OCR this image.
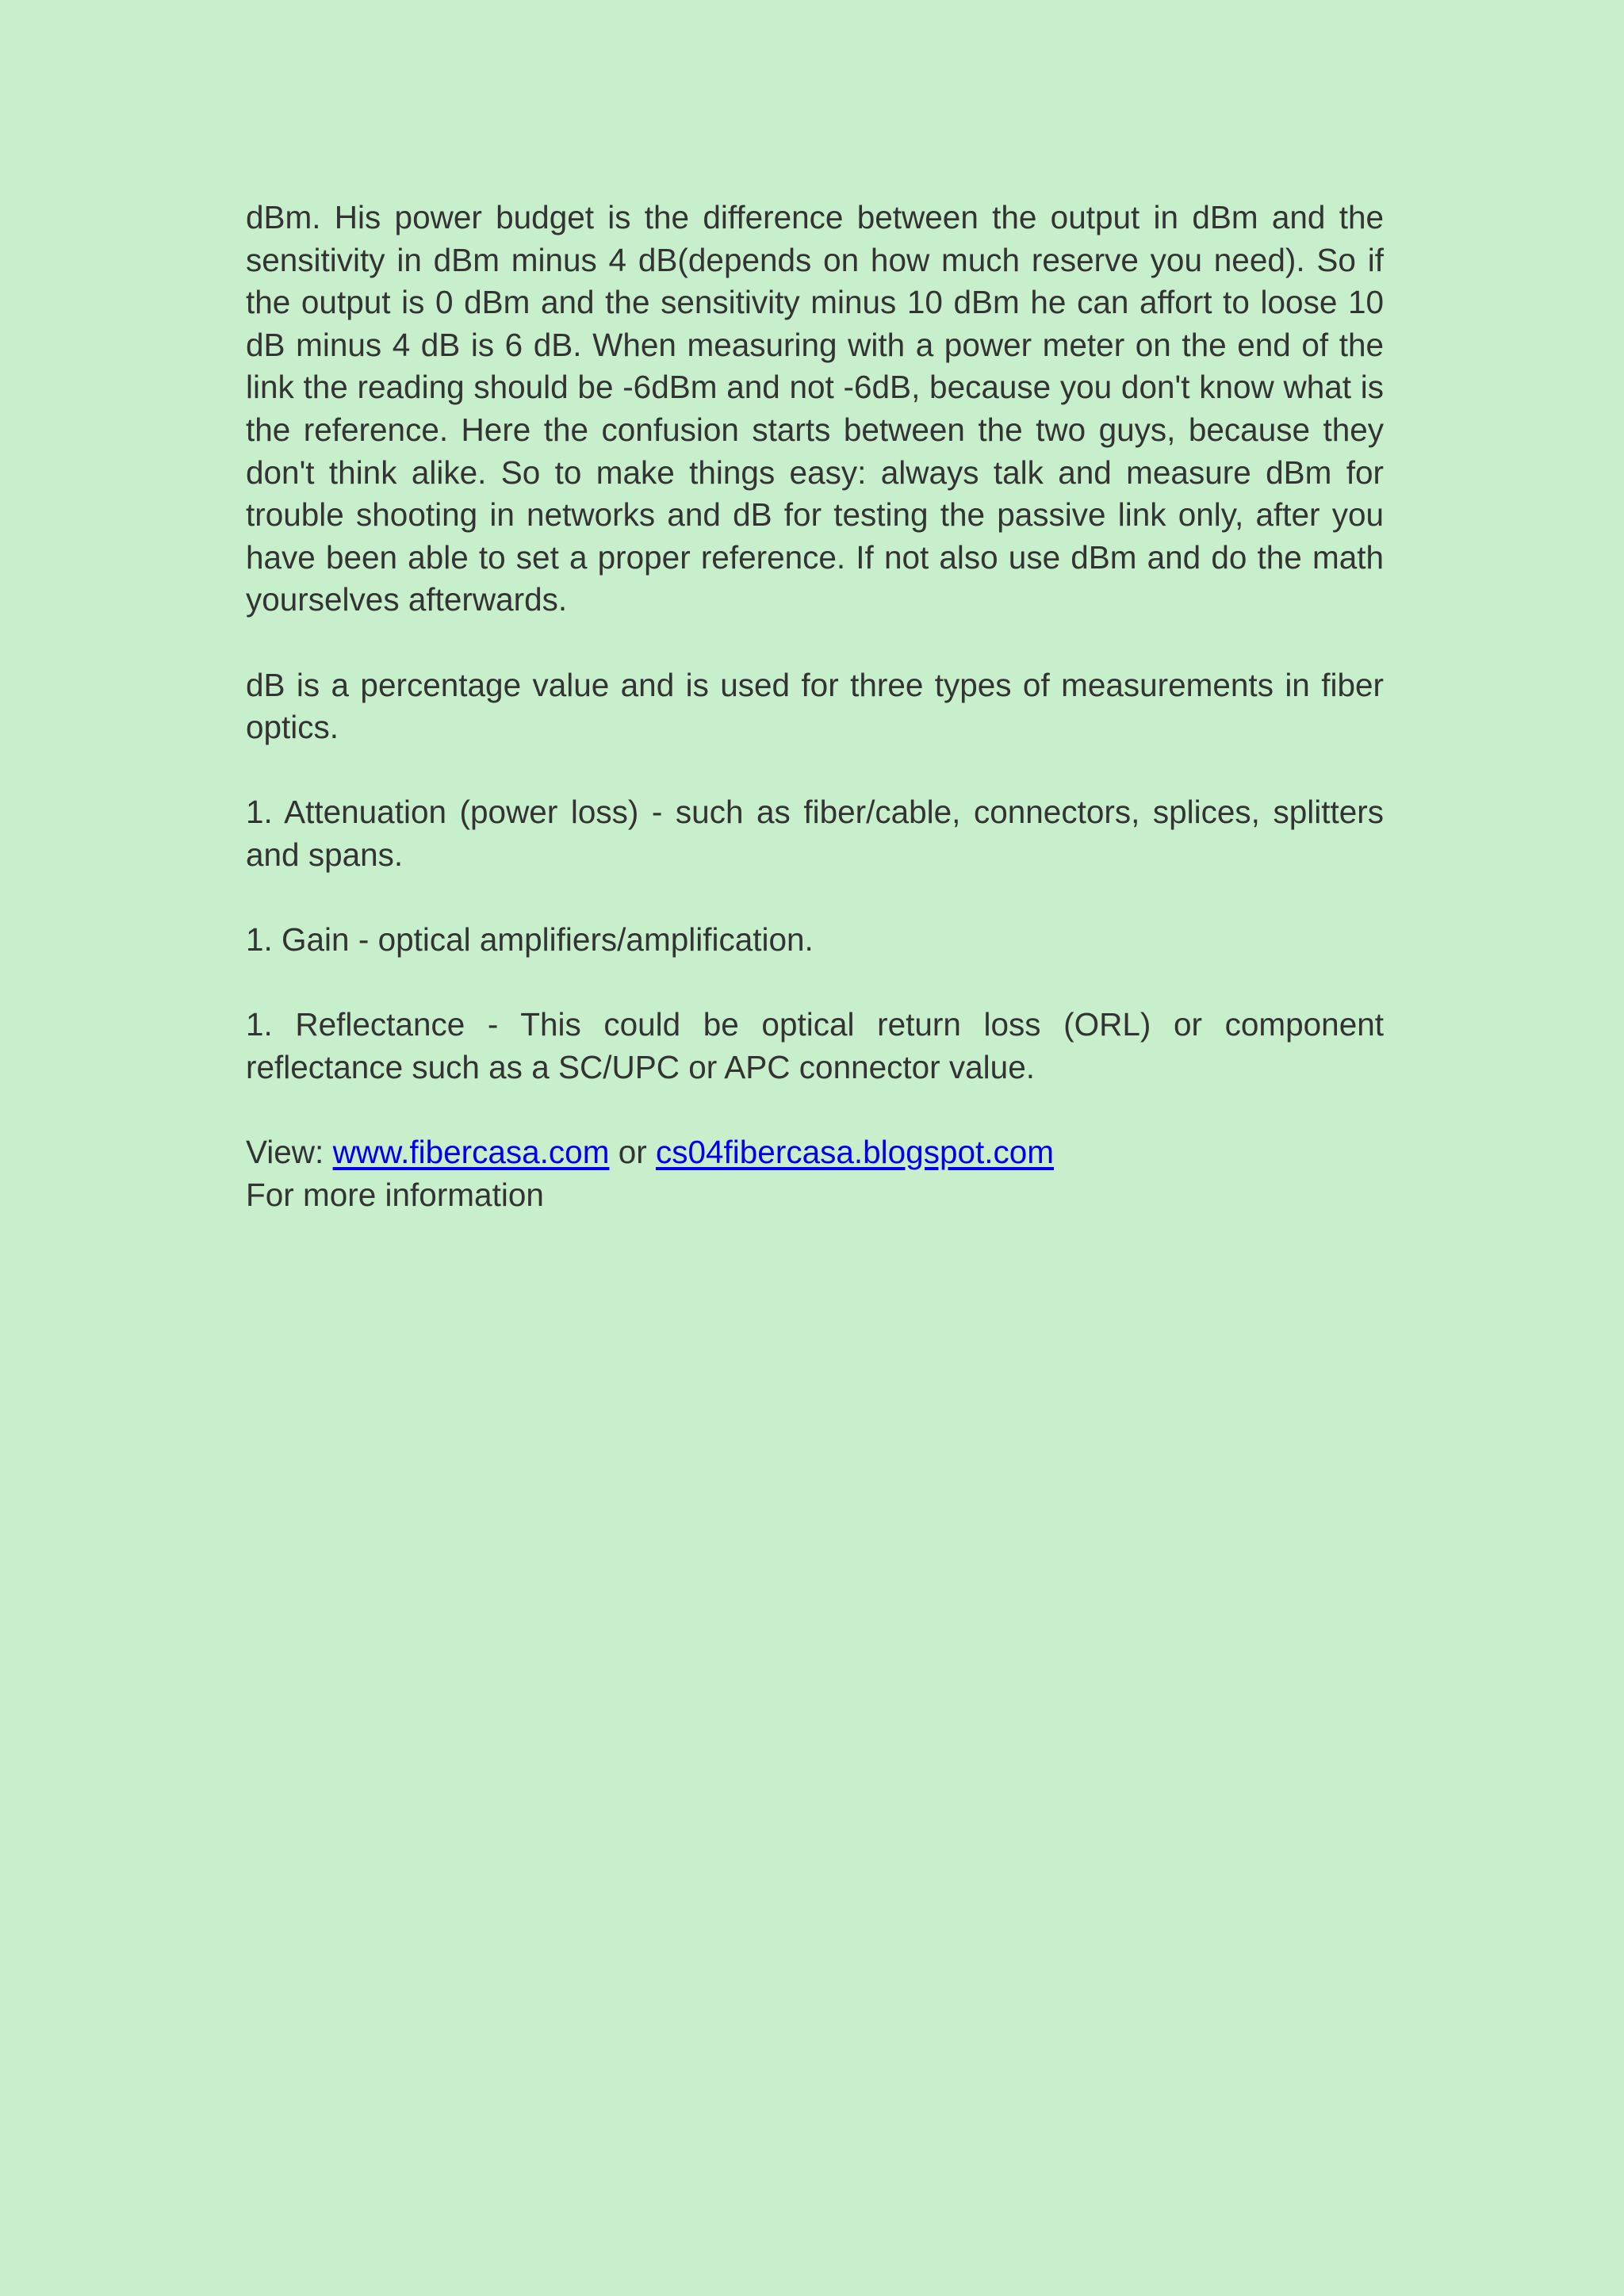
dBm. His power budget is the difference between the output in dBm and the sensitivity in dBm minus 4 dB(depends on how much reserve you need). So if the output is 0 dBm and the sensitivity minus 10 dBm he can affort to loose 10 dB minus 4 dB is 6 dB. When measuring with a power meter on the end of the link the reading should be -6dBm and not -6dB, because you don't know what is the reference. Here the confusion starts between the two guys, because they don't think alike. So to make things easy: always talk and measure dBm for trouble shooting in networks and dB for testing the passive link only, after you have been able to set a proper reference. If not also use dBm and do the math yourselves afterwards.

dB is a percentage value and is used for three types of measurements in fiber optics.

1. Attenuation (power loss) - such as fiber/cable, connectors, splices, splitters and spans.

1. Gain - optical amplifiers/amplification.

1. Reflectance - This could be optical return loss (ORL) or component reflectance such as a SC/UPC or APC connector value.

View: www.fibercasa.com or cs04fibercasa.blogspot.com

For more information
